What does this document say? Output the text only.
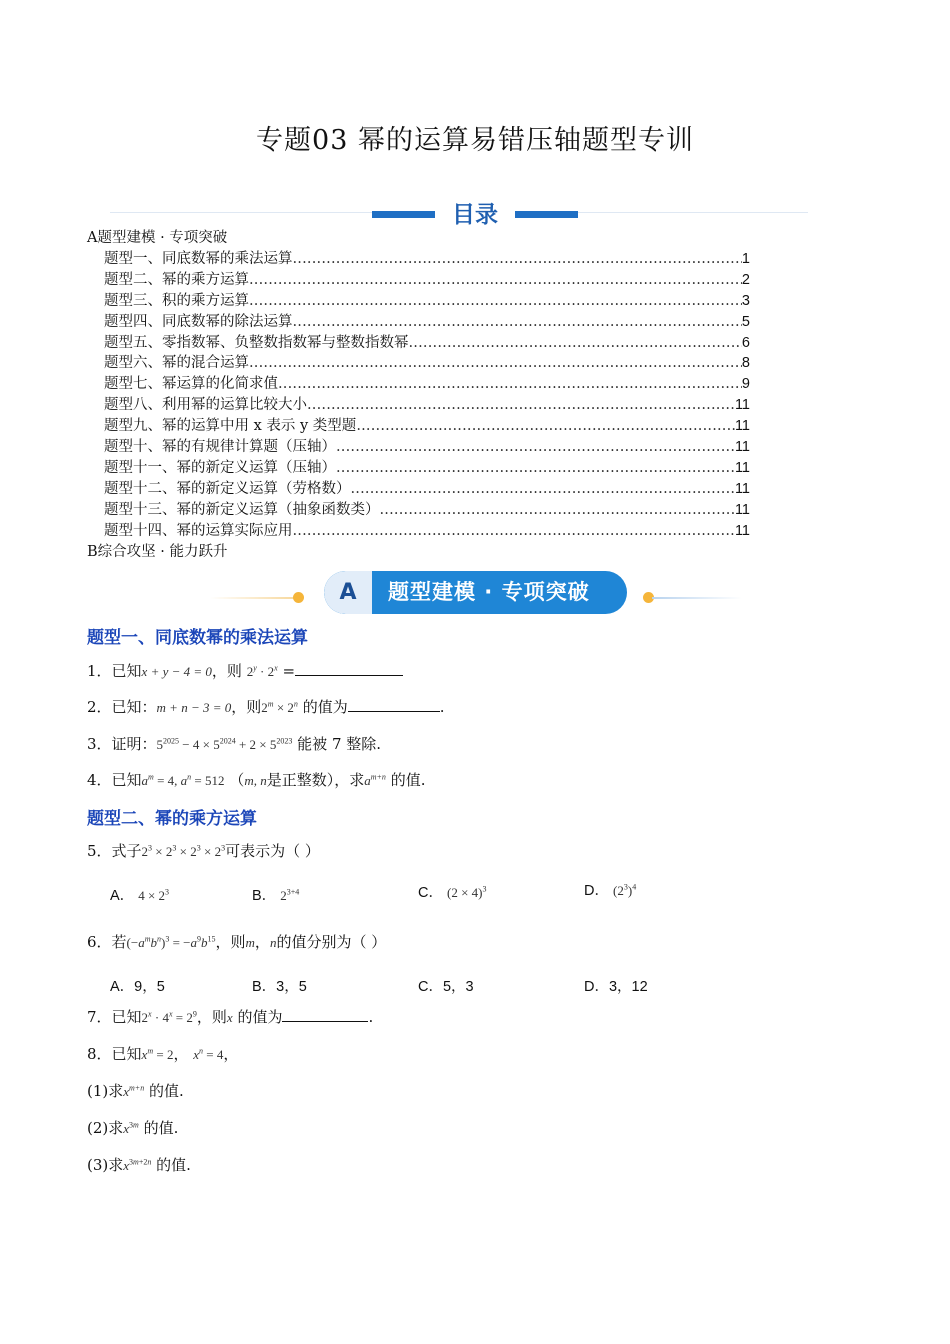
专题03 幂的运算易错压轴题型专训
目录
A题型建模 · 专项突破
题型一、同底数幂的乘法运算 .....	1
题型二、幂的乘方运算 .....	2
题型三、积的乘方运算 .....	3
题型四、同底数幂的除法运算 .....	5
题型五、零指数幂、负整数指数幂与整数指数幂 .....	6
题型六、幂的混合运算 .....	8
题型七、幂运算的化简求值 .....	9
题型八、利用幂的运算比较大小 .....	11
题型九、幂的运算中用 x 表示 y 类型题 .....	11
题型十、幂的有规律计算题（压轴） .....	11
题型十一、幂的新定义运算（压轴） .....	11
题型十二、幂的新定义运算（劳格数） .....	11
题型十三、幂的新定义运算（抽象函数类） .....	11
题型十四、幂的运算实际应用 .....	11
B综合攻坚 · 能力跃升
A	题型建模 · 专项突破
题型一、同底数幂的乘法运算
1．已知x + y − 4 = 0，则 $2^y \cdot 2^x$ =
2．已知：m + n − 3 = 0，则$2^m \times 2^n$ 的值为	.
3．证明：$5^{2025} - 4 \times 5^{2024} + 2 \times 5^{2023}$ 能被 7 整除.
4．已知$a^m = 4$, $a^n = 512$ （m, n是正整数），求$a^{m+n}$ 的值.
题型二、幂的乘方运算
5．式子$2^3 \times 2^3 \times 2^3 \times 2^3$可表示为（ ）
A． $4 \times 2^3$	B． $2^{3+4}$	C． $(2 \times 4)^3$	D． $(2^3)^4$
6．若$(-a^mb^n)^3 = -a^9b^{15}$，则m，n的值分别为（ ）
A．9，5	B．3，5	C．5，3	D．3，12
7．已知$2^x \cdot 4^x = 2^9$，则x 的值为	.
8．已知$x^m = 2$， $x^n = 4$，
(1)求$x^{m+n}$ 的值.
(2)求$x^{3m}$ 的值.
(3)求$x^{3m+2n}$ 的值.
